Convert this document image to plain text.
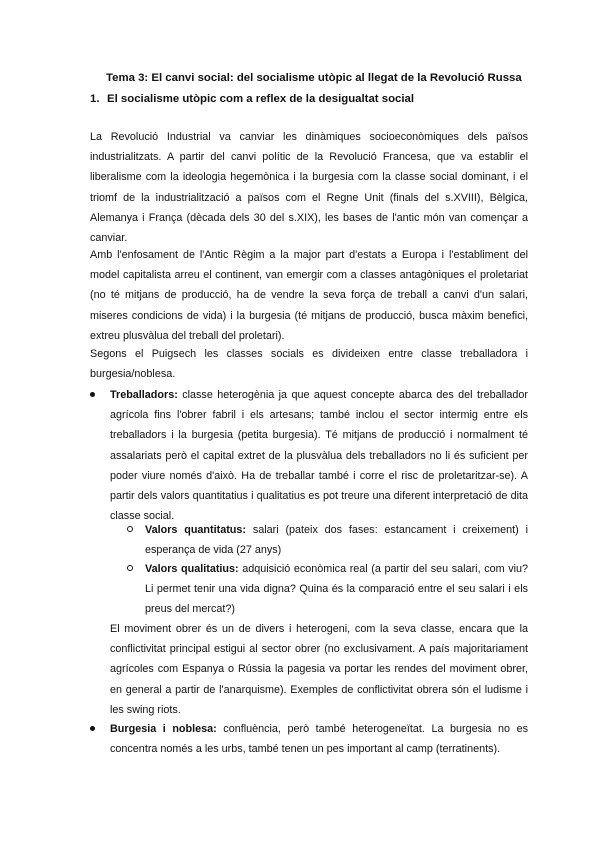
Tema 3: El canvi social: del socialisme utòpic al llegat de la Revolució Russa
1. El socialisme utòpic com a reflex de la desigualtat social

La Revolució Industrial va canviar les dinàmiques socioeconòmiques dels països industrialitzats. A partir del canvi polític de la Revolució Francesa, que va establir el liberalisme com la ideologia hegemònica i la burgesia com la classe social dominant, i el triomf de la industrialització a països com el Regne Unit (finals del s.XVIII), Bèlgica, Alemanya i França (dècada dels 30 del s.XIX), les bases de l'antic món van començar a canviar.

Amb l'enfosament de l'Antic Règim a la major part d'estats a Europa i l'establiment del model capitalista arreu el continent, van emergir com a classes antagòniques el proletariat (no té mitjans de producció, ha de vendre la seva força de treball a canvi d'un salari, miseres condicions de vida) i la burgesia (té mitjans de producció, busca màxim benefici, extreu plusvàlua del treball del proletari).

Segons el Puigsech les classes socials es divideixen entre classe treballadora i burgesia/noblesa.

Treballadors: classe heterogènia ja que aquest concepte abarca des del treballador agrícola fins l'obrer fabril i els artesans; també inclou el sector intermig entre els treballadors i la burgesia (petita burgesia). Té mitjans de producció i normalment té assalariats però el capital extret de la plusvàlua dels treballadors no li és suficient per poder viure només d'això. Ha de treballar també i corre el risc de proletaritzar-se). A partir dels valors quantitatius i qualitatius es pot treure una diferent interpretació de dita classe social.

Valors quantitatus: salari (pateix dos fases: estancament i creixement) i esperança de vida (27 anys)

Valors qualitatius: adquisició econòmica real (a partir del seu salari, com viu? Li permet tenir una vida digna? Quina és la comparació entre el seu salari i els preus del mercat?)

El moviment obrer és un de divers i heterogeni, com la seva classe, encara que la conflictivitat principal estigui al sector obrer (no exclusivament. A país majoritariament agrícoles com Espanya o Rússia la pagesia va portar les rendes del moviment obrer, en general a partir de l'anarquisme). Exemples de conflictivitat obrera són el ludisme i les swing riots.

Burgesia i noblesa: confluència, però també heterogeneïtat. La burgesia no es concentra només a les urbs, també tenen un pes important al camp (terratinents).
